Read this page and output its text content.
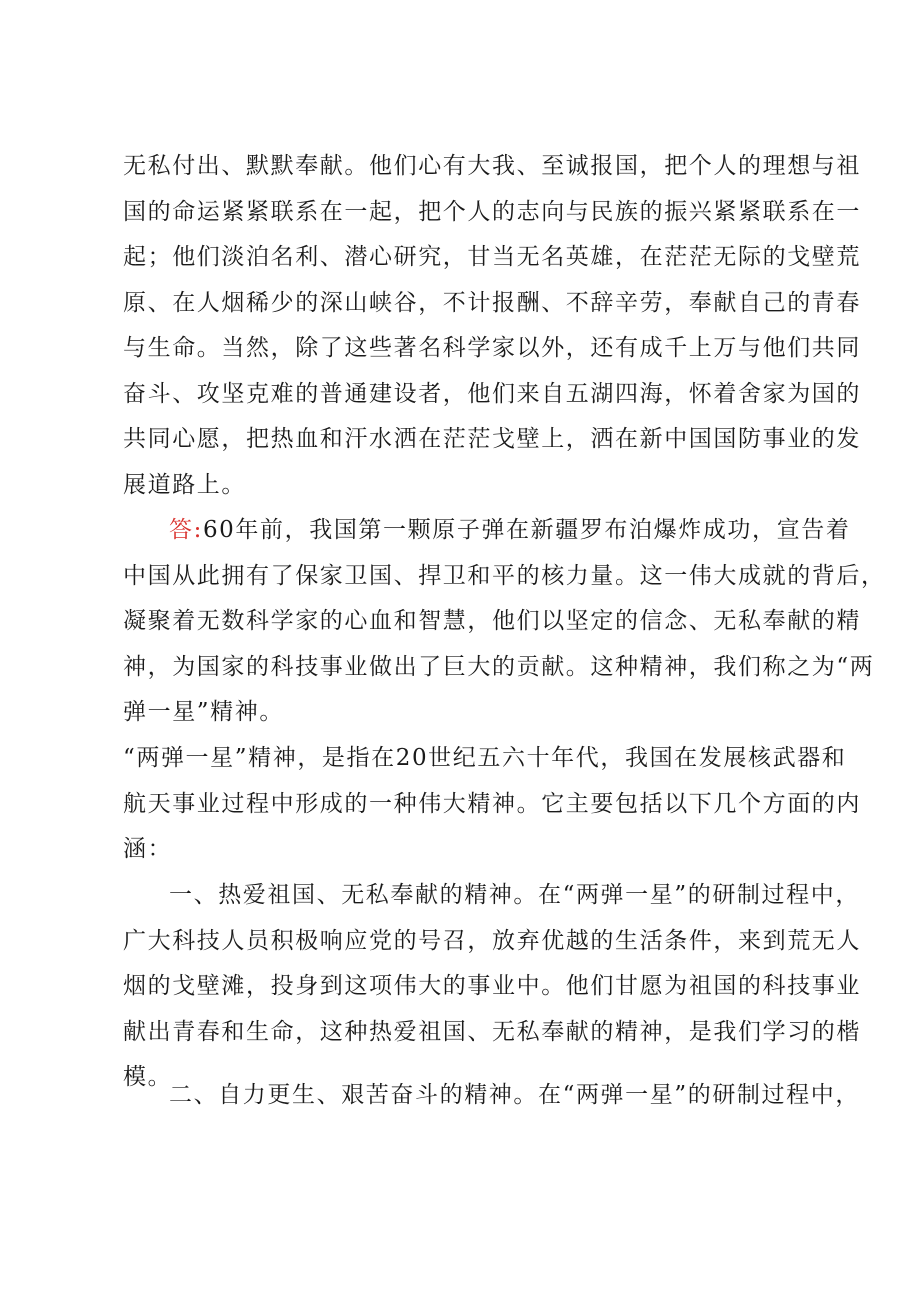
无私付出、默默奉献。他们心有大我、至诚报国，把个人的理想与祖
国的命运紧紧联系在一起，把个人的志向与民族的振兴紧紧联系在一
起；他们淡泊名利、潜心研究，甘当无名英雄，在茫茫无际的戈壁荒
原、在人烟稀少的深山峡谷，不计报酬、不辞辛劳，奉献自己的青春
与生命。当然，除了这些著名科学家以外，还有成千上万与他们共同
奋斗、攻坚克难的普通建设者，他们来自五湖四海，怀着舍家为国的
共同心愿，把热血和汗水洒在茫茫戈壁上，洒在新中国国防事业的发
展道路上。
答:60年前，我国第一颗原子弹在新疆罗布泊爆炸成功，宣告着
中国从此拥有了保家卫国、捍卫和平的核力量。这一伟大成就的背后，
凝聚着无数科学家的心血和智慧，他们以坚定的信念、无私奉献的精
神，为国家的科技事业做出了巨大的贡献。这种精神，我们称之为“两
弹一星”精神。
“两弹一星”精神，是指在20世纪五六十年代，我国在发展核武器和
航天事业过程中形成的一种伟大精神。它主要包括以下几个方面的内
涵：
一、热爱祖国、无私奉献的精神。在“两弹一星”的研制过程中，
广大科技人员积极响应党的号召，放弃优越的生活条件，来到荒无人
烟的戈壁滩，投身到这项伟大的事业中。他们甘愿为祖国的科技事业
献出青春和生命，这种热爱祖国、无私奉献的精神，是我们学习的楷
模。
二、自力更生、艰苦奋斗的精神。在“两弹一星”的研制过程中，
